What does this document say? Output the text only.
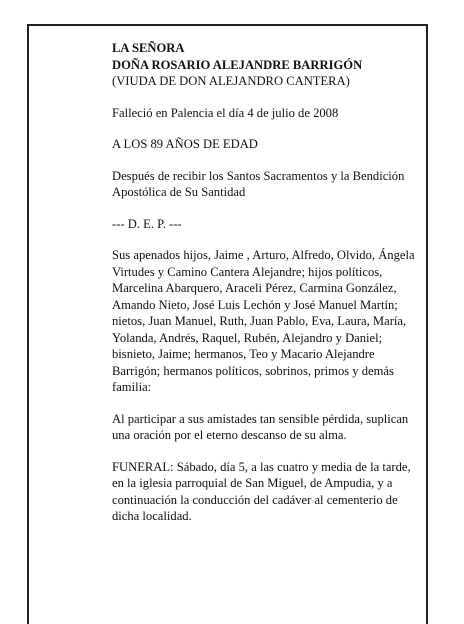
LA SEÑORA
DOÑA ROSARIO ALEJANDRE BARRIGÓN
(VIUDA DE DON ALEJANDRO CANTERA)

Falleció en Palencia el día 4 de julio de 2008

A LOS 89 AÑOS DE EDAD

Después de recibir los Santos Sacramentos y la Bendición Apostólica de Su Santidad

--- D. E. P. ---

Sus apenados hijos, Jaime , Arturo, Alfredo, Olvido, Ángela Virtudes y Camino Cantera Alejandre; hijos políticos, Marcelina Abarquero, Araceli Pérez, Carmina González, Amando Nieto, José Luis Lechón y José Manuel Martín; nietos, Juan Manuel, Ruth, Juan Pablo, Eva, Laura, María, Yolanda, Andrés, Raquel, Rubén, Alejandro y Daniel; bisnieto, Jaime; hermanos, Teo y Macario Alejandre Barrigón; hermanos políticos, sobrinos, primos y demás familia:

Al participar a sus amistades tan sensible pérdida, suplican una oración por el eterno descanso de su alma.

FUNERAL: Sábado, día 5, a las cuatro y media de la tarde, en la iglesia parroquial de San Miguel, de Ampudia, y a continuación la conducción del cadáver al cementerio de dicha localidad.
